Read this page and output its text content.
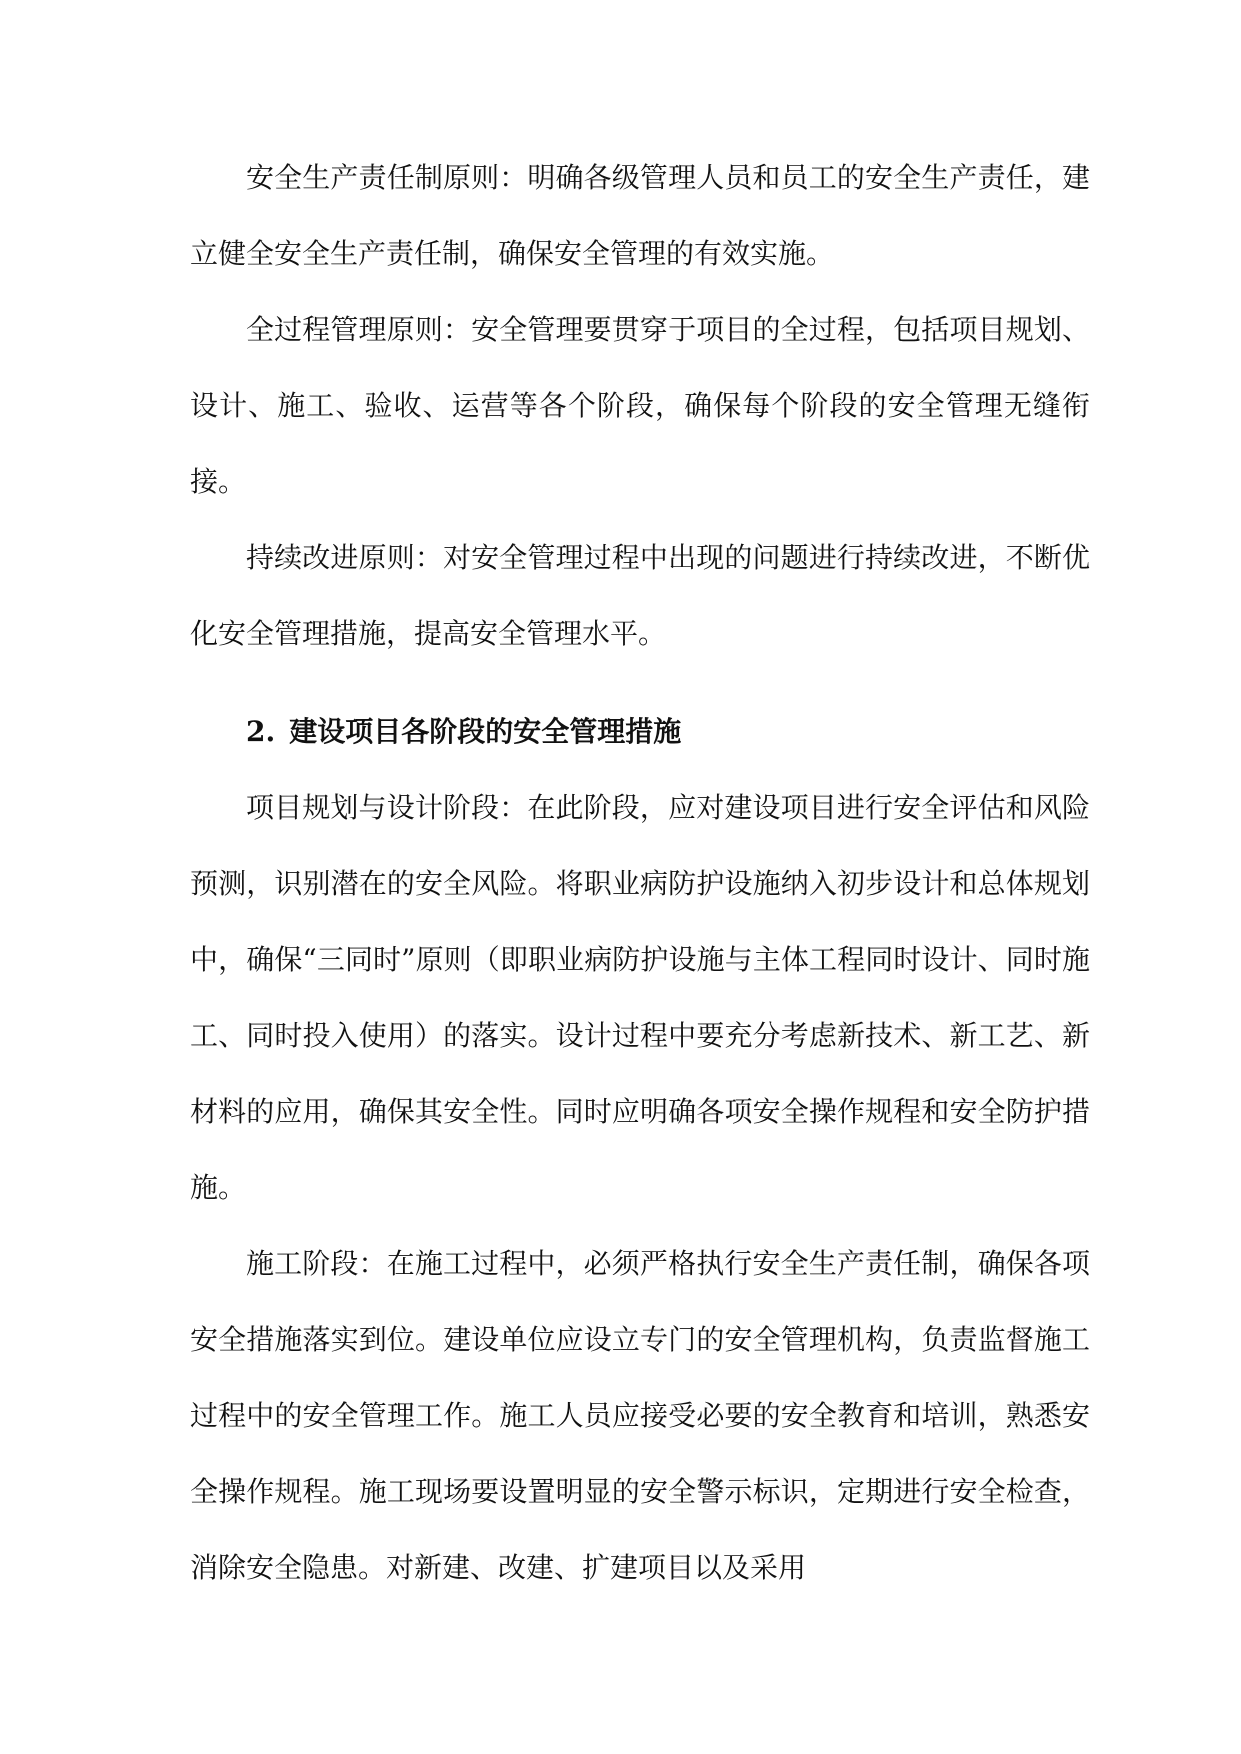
安全生产责任制原则：明确各级管理人员和员工的安全生产责任，建立健全安全生产责任制，确保安全管理的有效实施。

全过程管理原则：安全管理要贯穿于项目的全过程，包括项目规划、设计、施工、验收、运营等各个阶段，确保每个阶段的安全管理无缝衔接。

持续改进原则：对安全管理过程中出现的问题进行持续改进，不断优化安全管理措施，提高安全管理水平。

2. 建设项目各阶段的安全管理措施

项目规划与设计阶段：在此阶段，应对建设项目进行安全评估和风险预测，识别潜在的安全风险。将职业病防护设施纳入初步设计和总体规划中，确保“三同时”原则（即职业病防护设施与主体工程同时设计、同时施工、同时投入使用）的落实。设计过程中要充分考虑新技术、新工艺、新材料的应用，确保其安全性。同时应明确各项安全操作规程和安全防护措施。

施工阶段：在施工过程中，必须严格执行安全生产责任制，确保各项安全措施落实到位。建设单位应设立专门的安全管理机构，负责监督施工过程中的安全管理工作。施工人员应接受必要的安全教育和培训，熟悉安全操作规程。施工现场要设置明显的安全警示标识，定期进行安全检查，消除安全隐患。对新建、改建、扩建项目以及采用
